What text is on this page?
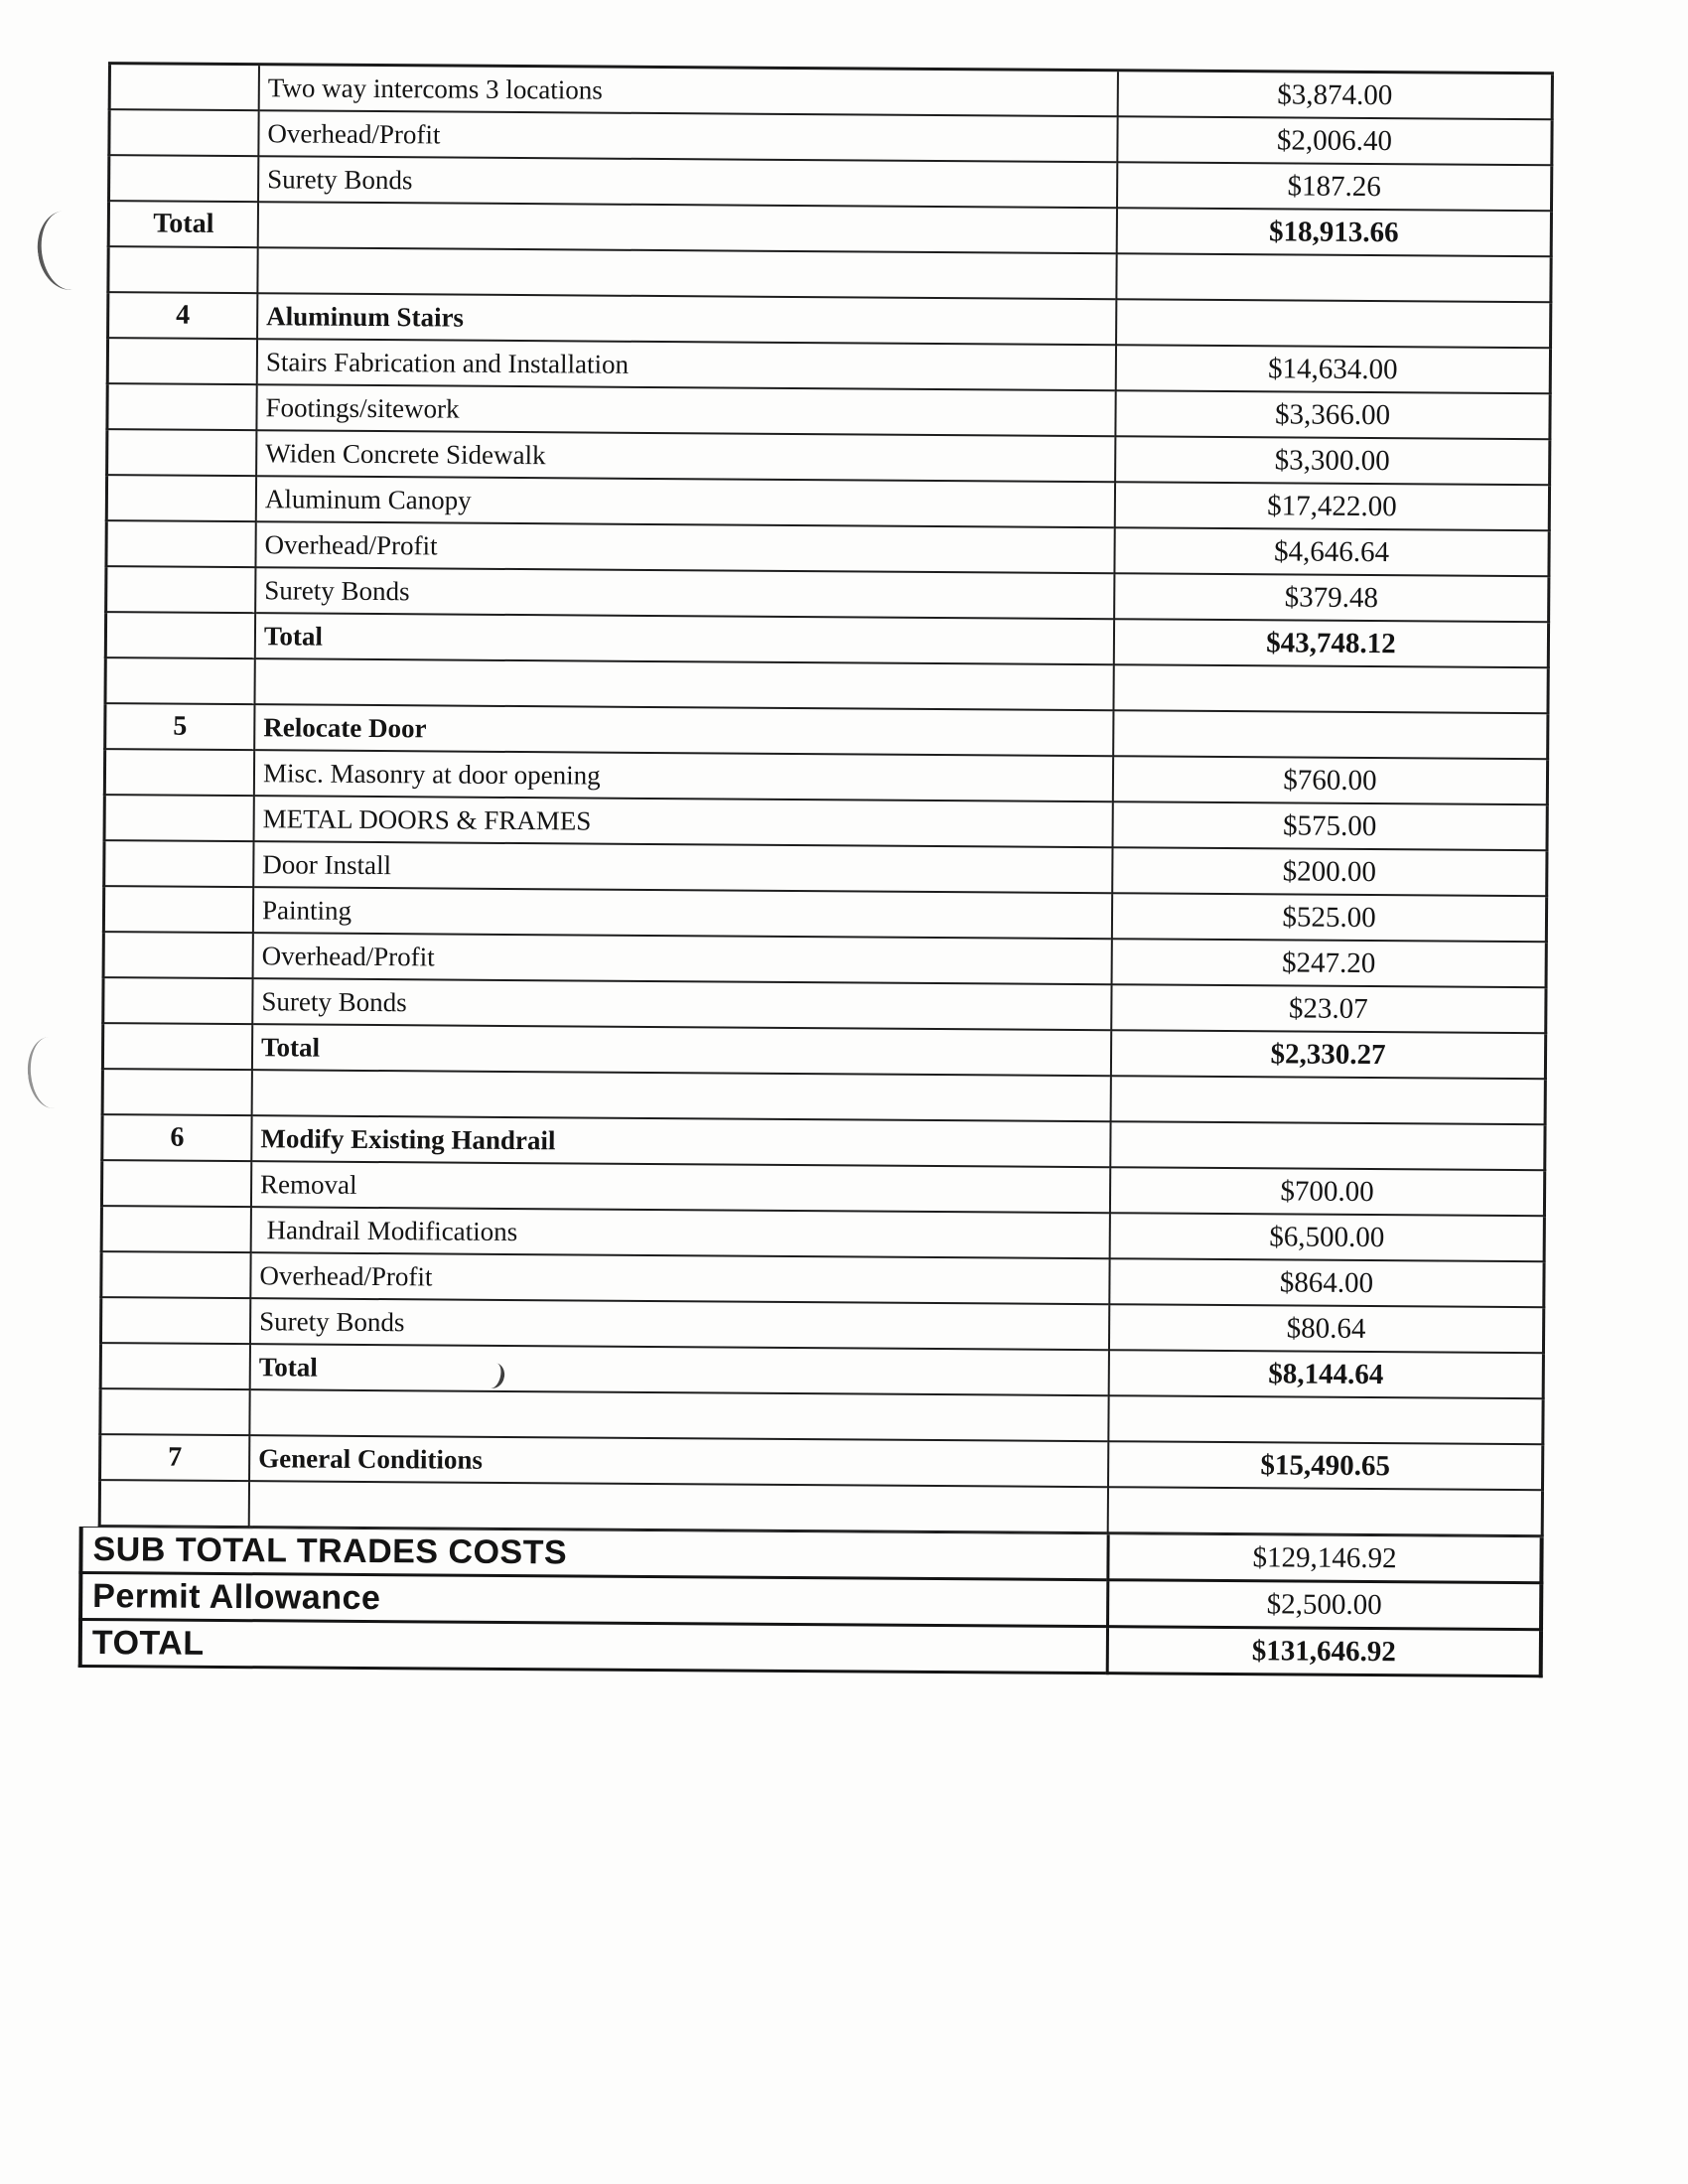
Two way intercoms 3 locations	$3,874.00
Overhead/Profit	$2,006.40
Surety Bonds	$187.26
Total	$18,913.66
4	Aluminum Stairs
Stairs Fabrication and Installation	$14,634.00
Footings/sitework	$3,366.00
Widen Concrete Sidewalk	$3,300.00
Aluminum Canopy	$17,422.00
Overhead/Profit	$4,646.64
Surety Bonds	$379.48
Total	$43,748.12
5	Relocate Door
Misc. Masonry at door opening	$760.00
METAL DOORS & FRAMES	$575.00
Door Install	$200.00
Painting	$525.00
Overhead/Profit	$247.20
Surety Bonds	$23.07
Total	$2,330.27
6	Modify Existing Handrail
Removal	$700.00
Handrail Modifications	$6,500.00
Overhead/Profit	$864.00
Surety Bonds	$80.64
Total	$8,144.64
7	General Conditions	$15,490.65
SUB TOTAL TRADES COSTS	$129,146.92
Permit Allowance	$2,500.00
TOTAL	$131,646.92
